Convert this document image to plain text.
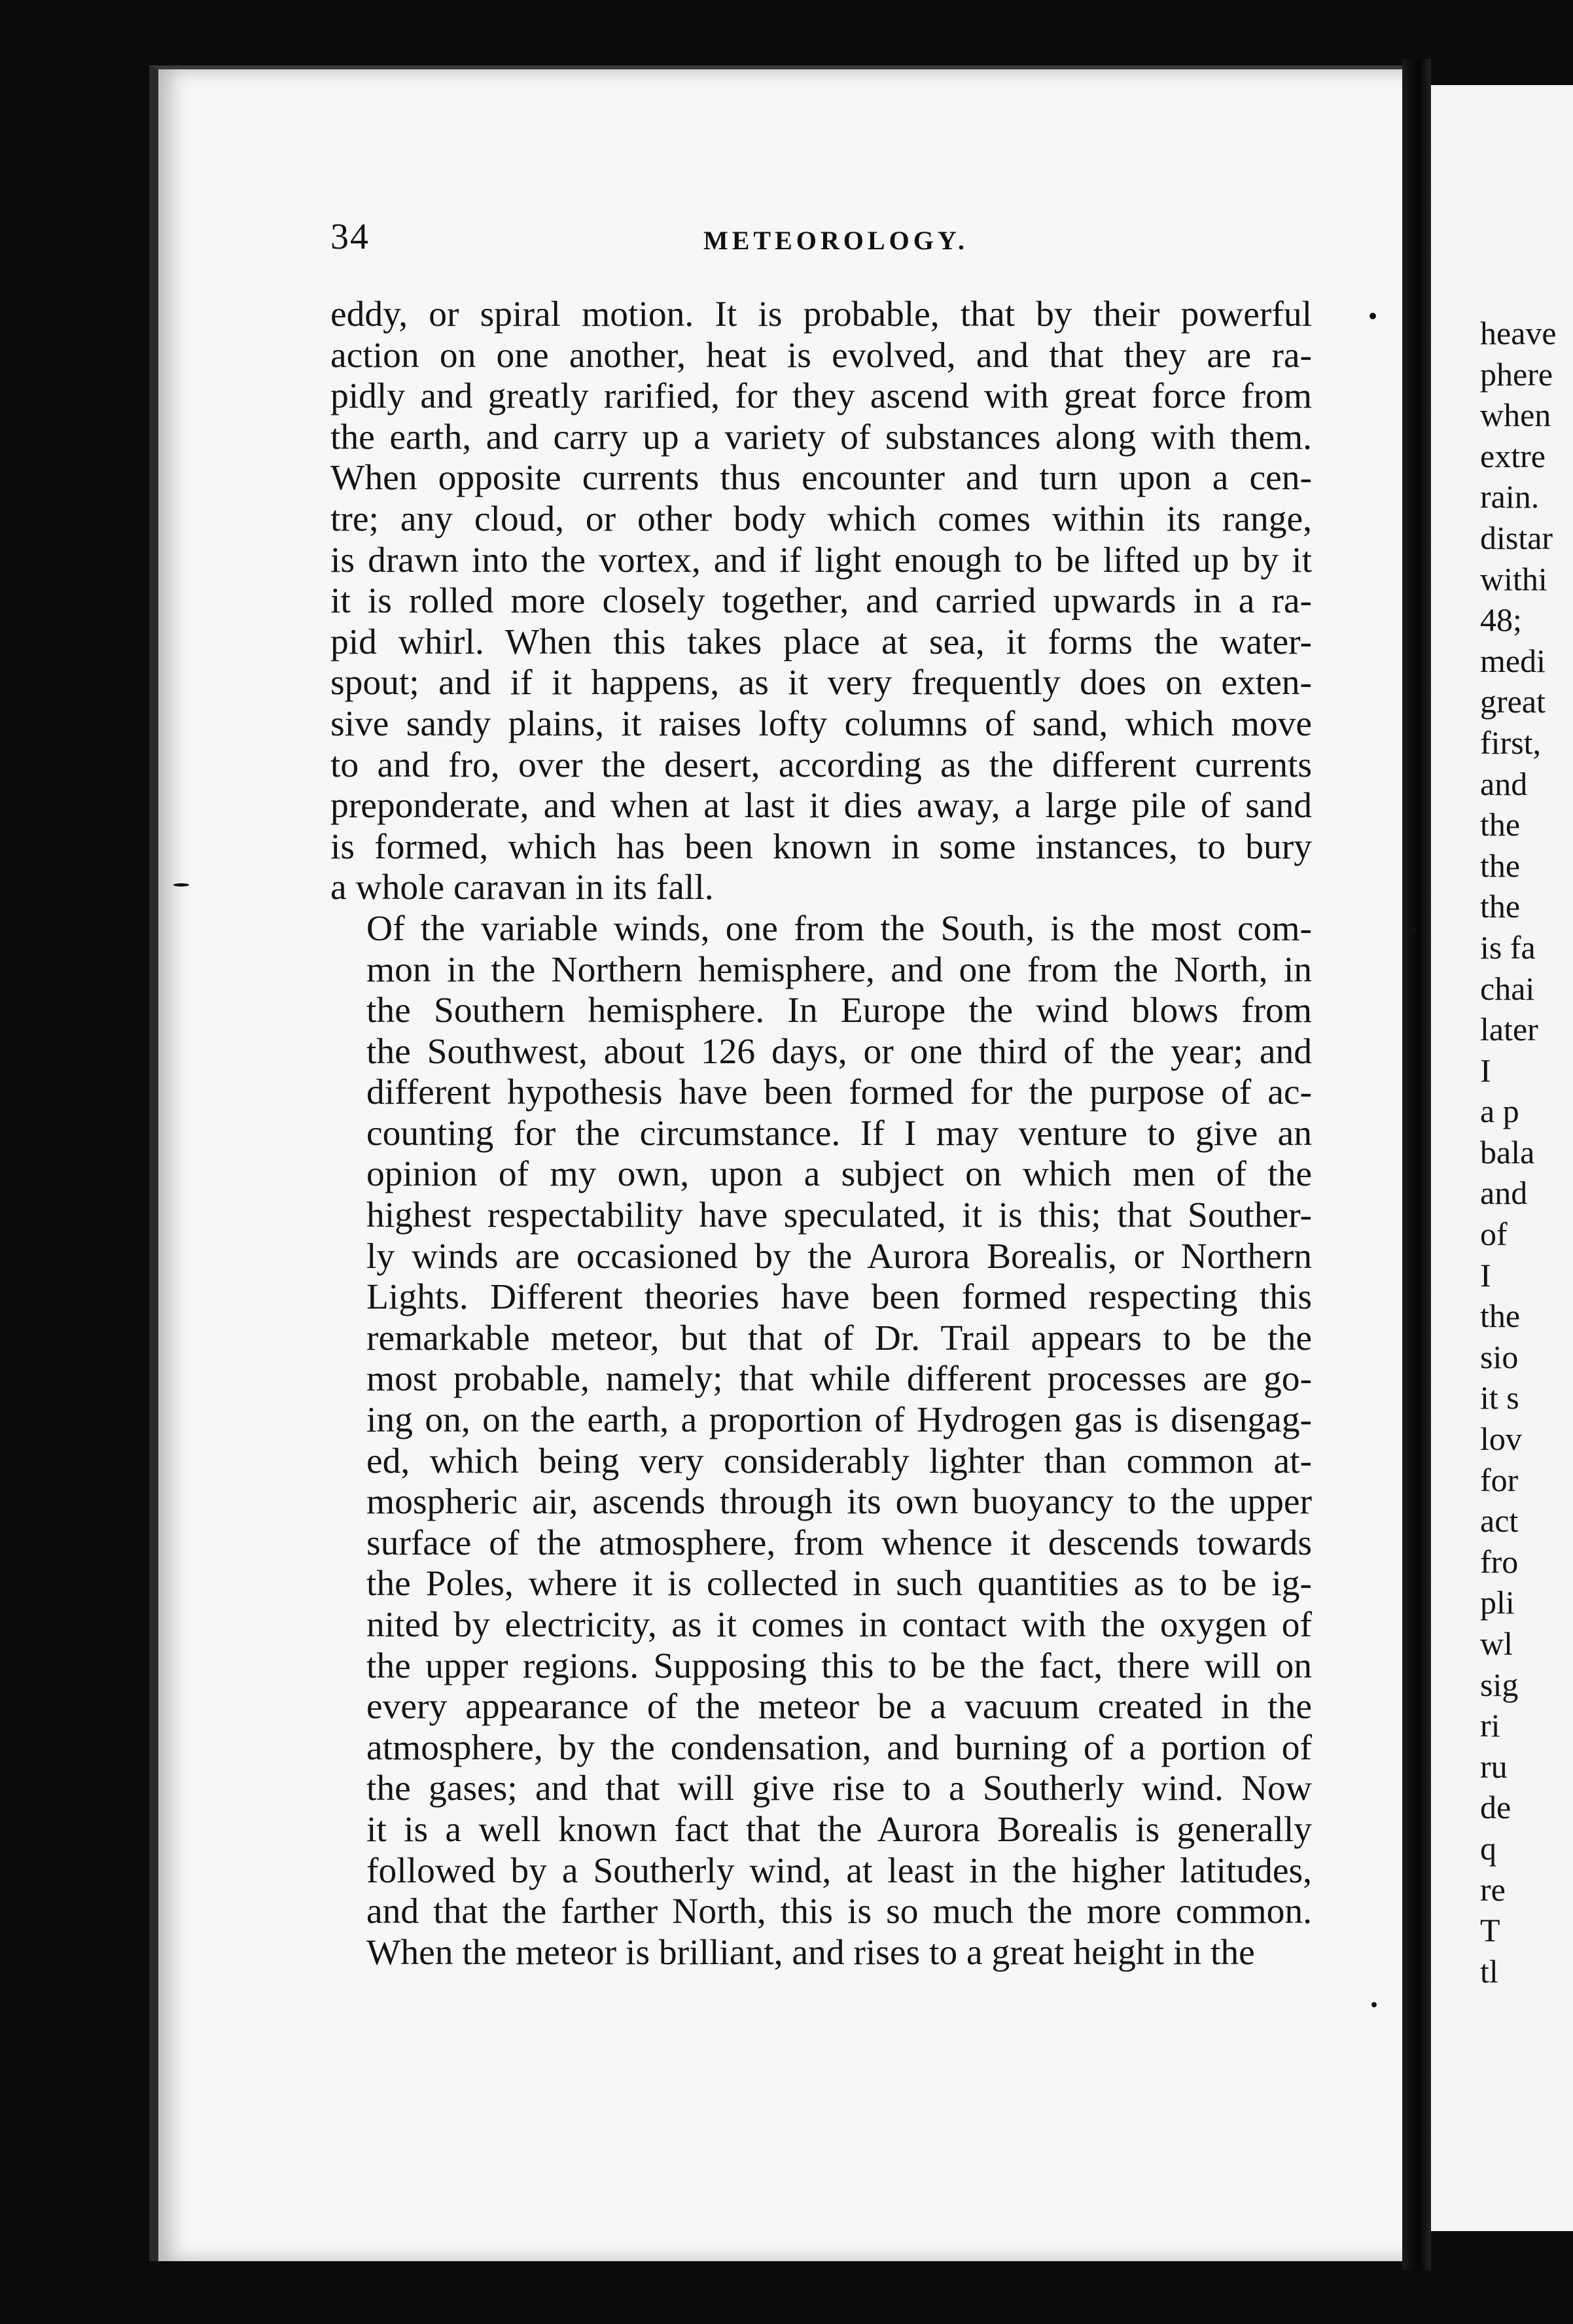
34	METEOROLOGY.

eddy, or spiral motion. It is probable, that by their powerful
action on one another, heat is evolved, and that they are ra-
pidly and greatly rarified, for they ascend with great force from
the earth, and carry up a variety of substances along with them.
When opposite currents thus encounter and turn upon a cen-
tre; any cloud, or other body which comes within its range,
is drawn into the vortex, and if light enough to be lifted up by it
it is rolled more closely together, and carried upwards in a ra-
pid whirl. When this takes place at sea, it forms the water-
spout; and if it happens, as it very frequently does on exten-
sive sandy plains, it raises lofty columns of sand, which move
to and fro, over the desert, according as the different currents
preponderate, and when at last it dies away, a large pile of sand
is formed, which has been known in some instances, to bury
a whole caravan in its fall.

Of the variable winds, one from the South, is the most com-
mon in the Northern hemisphere, and one from the North, in
the Southern hemisphere. In Europe the wind blows from
the Southwest, about 126 days, or one third of the year; and
different hypothesis have been formed for the purpose of ac-
counting for the circumstance. If I may venture to give an
opinion of my own, upon a subject on which men of the
highest respectability have speculated, it is this; that Souther-
ly winds are occasioned by the Aurora Borealis, or Northern
Lights. Different theories have been formed respecting this
remarkable meteor, but that of Dr. Trail appears to be the
most probable, namely; that while different processes are go-
ing on, on the earth, a proportion of Hydrogen gas is disengag-
ed, which being very considerably lighter than common at-
mospheric air, ascends through its own buoyancy to the upper
surface of the atmosphere, from whence it descends towards
the Poles, where it is collected in such quantities as to be ig-
nited by electricity, as it comes in contact with the oxygen of
the upper regions. Supposing this to be the fact, there will on
every appearance of the meteor be a vacuum created in the
atmosphere, by the condensation, and burning of a portion of
the gases; and that will give rise to a Southerly wind. Now
it is a well known fact that the Aurora Borealis is generally
followed by a Southerly wind, at least in the higher latitudes,
and that the farther North, this is so much the more common.
When the meteor is brilliant, and rises to a great height in the

heave
phere
when
extre
rain.
distar
withi
48;
medi
great
first,
and
the
the
the
is fa
chai
later
I
a p
bala
and
of
I
the
sio
it s
lov
for
act
fro
pli
wl
sig
ri
ru
de
q
re
T
tl
